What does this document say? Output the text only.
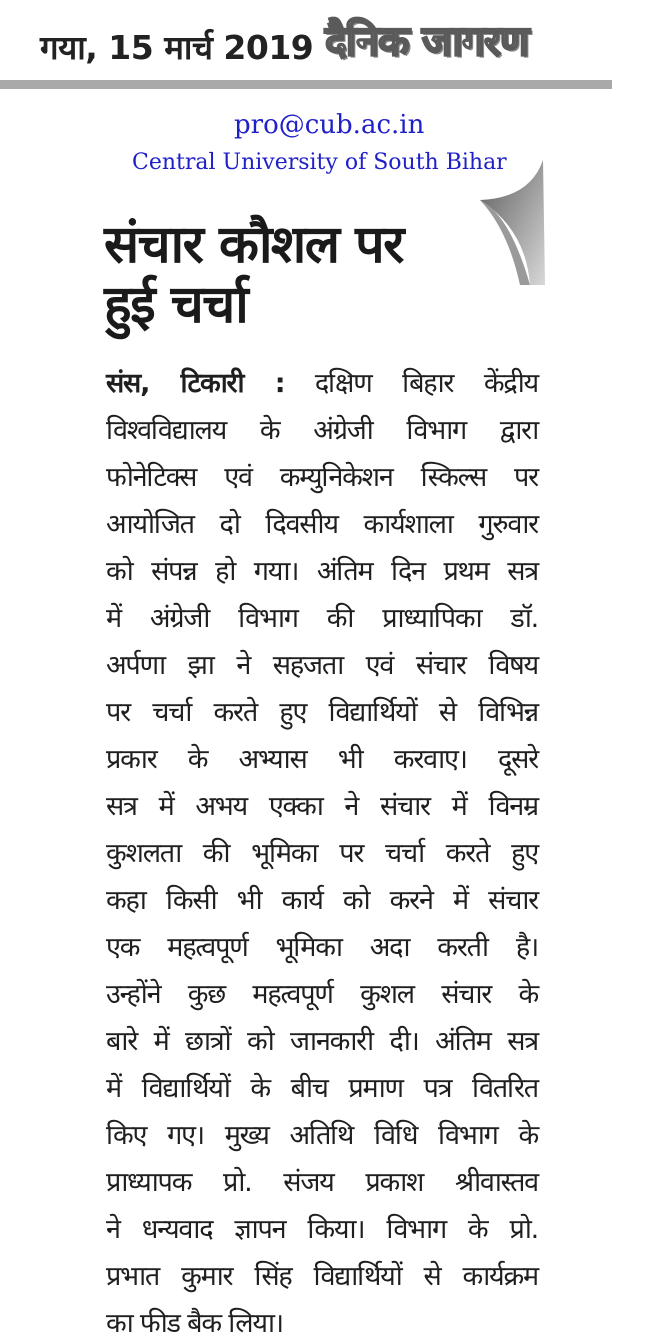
गया, 15 मार्च 2019 दैनिक जागरण
pro@cub.ac.in
Central University of South Bihar
संचार कौशल पर
हुई चर्चा
संस, टिकारी : दक्षिण बिहार केंद्रीय
विश्वविद्यालय के अंग्रेजी विभाग द्वारा
फोनेटिक्स एवं कम्युनिकेशन स्किल्स पर
आयोजित दो दिवसीय कार्यशाला गुरुवार
को संपन्न हो गया। अंतिम दिन प्रथम सत्र
में अंग्रेजी विभाग की प्राध्यापिका डॉ.
अर्पणा झा ने सहजता एवं संचार विषय
पर चर्चा करते हुए विद्यार्थियों से विभिन्न
प्रकार के अभ्यास भी करवाए। दूसरे
सत्र में अभय एक्का ने संचार में विनम्र
कुशलता की भूमिका पर चर्चा करते हुए
कहा किसी भी कार्य को करने में संचार
एक महत्वपूर्ण भूमिका अदा करती है।
उन्होंने कुछ महत्वपूर्ण कुशल संचार के
बारे में छात्रों को जानकारी दी। अंतिम सत्र
में विद्यार्थियों के बीच प्रमाण पत्र वितरित
किए गए। मुख्य अतिथि विधि विभाग के
प्राध्यापक प्रो. संजय प्रकाश श्रीवास्तव
ने धन्यवाद ज्ञापन किया। विभाग के प्रो.
प्रभात कुमार सिंह विद्यार्थियों से कार्यक्रम
का फीड बैक लिया।
